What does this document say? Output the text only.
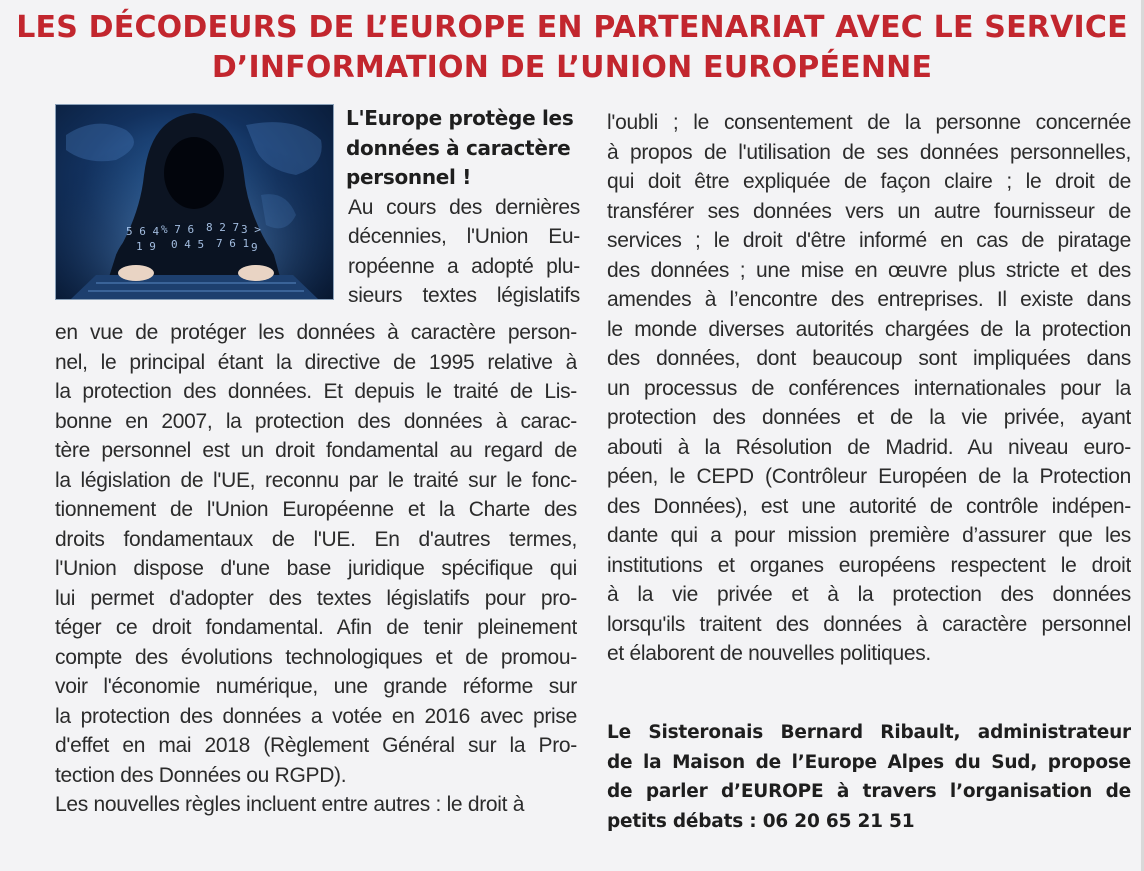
LES DÉCODEURS DE L’EUROPE EN PARTENARIAT AVEC LE SERVICE
D’INFORMATION DE L’UNION EUROPÉENNE
5 6 4 % 7 6 8 2 7 3 >
1 9 0 4 5 7 6 1 9
L'Europe protège les
données à caractère
personnel !
Au cours des dernières
décennies, l'Union Eu-
ropéenne a adopté plu-
sieurs textes législatifs
en vue de protéger les données à caractère person-
nel, le principal étant la directive de 1995 relative à
la protection des données. Et depuis le traité de Lis-
bonne en 2007, la protection des données à carac-
tère personnel est un droit fondamental au regard de
la législation de l'UE, reconnu par le traité sur le fonc-
tionnement de l'Union Européenne et la Charte des
droits fondamentaux de l'UE. En d'autres termes,
l'Union dispose d'une base juridique spécifique qui
lui permet d'adopter des textes législatifs pour pro-
téger ce droit fondamental. Afin de tenir pleinement
compte des évolutions technologiques et de promou-
voir l'économie numérique, une grande réforme sur
la protection des données a votée en 2016 avec prise
d'effet en mai 2018 (Règlement Général sur la Pro-
tection des Données ou RGPD).
Les nouvelles règles incluent entre autres : le droit à
l'oubli ; le consentement de la personne concernée
à propos de l'utilisation de ses données personnelles,
qui doit être expliquée de façon claire ; le droit de
transférer ses données vers un autre fournisseur de
services ; le droit d'être informé en cas de piratage
des données ; une mise en œuvre plus stricte et des
amendes à l’encontre des entreprises. Il existe dans
le monde diverses autorités chargées de la protection
des données, dont beaucoup sont impliquées dans
un processus de conférences internationales pour la
protection des données et de la vie privée, ayant
abouti à la Résolution de Madrid. Au niveau euro-
péen, le CEPD (Contrôleur Européen de la Protection
des Données), est une autorité de contrôle indépen-
dante qui a pour mission première d’assurer que les
institutions et organes européens respectent le droit
à la vie privée et à la protection des données
lorsqu'ils traitent des données à caractère personnel
et élaborent de nouvelles politiques.
Le Sisteronais Bernard Ribault, administrateur
de la Maison de l’Europe Alpes du Sud, propose
de parler d’EUROPE à travers l’organisation de
petits débats : 06 20 65 21 51
